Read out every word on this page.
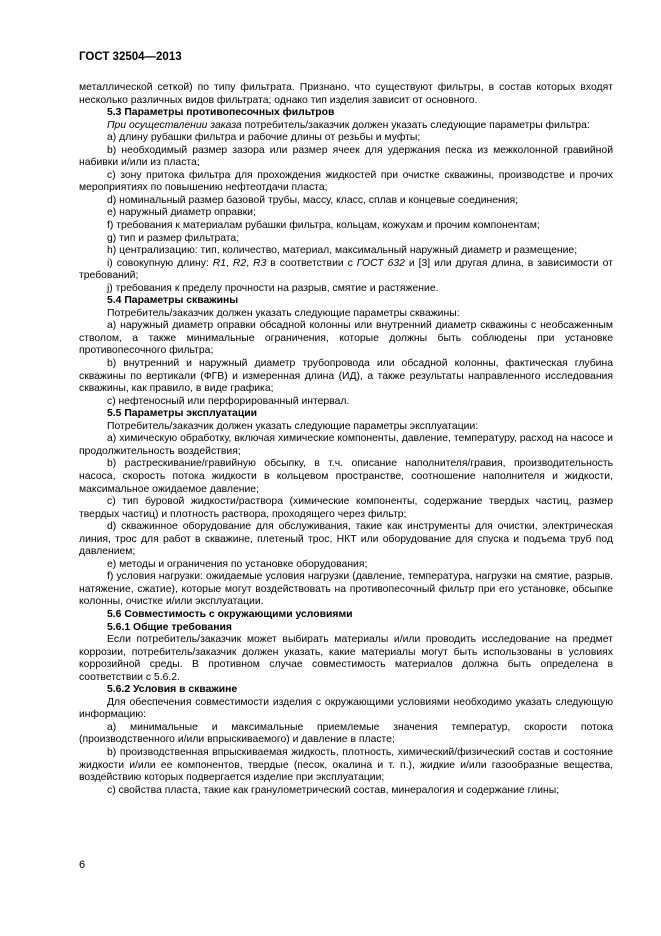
ГОСТ 32504—2013

металлической сеткой) по типу фильтрата. Признано, что существуют фильтры, в состав которых входят несколько различных видов фильтрата; однако тип изделия зависит от основного.

5.3 Параметры противопесочных фильтров

При осуществлении заказа потребитель/заказчик должен указать следующие параметры фильтра:

a) длину рубашки фильтра и рабочие длины от резьбы и муфты;

b) необходимый размер зазора или размер ячеек для удержания песка из межколонной гравийной набивки и/или из пласта;

c) зону притока фильтра для прохождения жидкостей при очистке скважины, производстве и прочих мероприятиях по повышению нефтеотдачи пласта;

d) номинальный размер базовой трубы, массу, класс, сплав и концевые соединения;

e) наружный диаметр оправки;

f) требования к материалам рубашки фильтра, кольцам, кожухам и прочим компонентам;

g) тип и размер фильтрата;

h) централизацию: тип, количество, материал, максимальный наружный диаметр и размещение;

i) совокупную длину: R1, R2, R3 в соответствии с ГОСТ 632 и [3] или другая длина, в зависимости от требований;

j) требования к пределу прочности на разрыв, смятие и растяжение.

5.4 Параметры скважины

Потребитель/заказчик должен указать следующие параметры скважины:

a) наружный диаметр оправки обсадной колонны или внутренний диаметр скважины с необсаженным стволом, а также минимальные ограничения, которые должны быть соблюдены при установке противопесочного фильтра;

b) внутренний и наружный диаметр трубопровода или обсадной колонны, фактическая глубина скважины по вертикали (ФГВ) и измеренная длина (ИД), а также результаты направленного исследования скважины, как правило, в виде графика;

c) нефтеносный или перфорированный интервал.

5.5 Параметры эксплуатации

Потребитель/заказчик должен указать следующие параметры эксплуатации:

a) химическую обработку, включая химические компоненты, давление, температуру, расход на насосе и продолжительность воздействия;

b) растрескивание/гравийную обсыпку, в т.ч. описание наполнителя/гравия, производительность насоса, скорость потока жидкости в кольцевом пространстве, соотношение наполнителя и жидкости, максимальное ожидаемое давление;

c) тип буровой жидкости/раствора (химические компоненты, содержание твердых частиц, размер твердых частиц) и плотность раствора, проходящего через фильтр;

d) скважинное оборудование для обслуживания, такие как инструменты для очистки, электрическая линия, трос для работ в скважине, плетеный трос, НКТ или оборудование для спуска и подъема труб под давлением;

e) методы и ограничения по установке оборудования;

f) условия нагрузки: ожидаемые условия нагрузки (давление, температура, нагрузки на смятие, разрыв, натяжение, сжатие), которые могут воздействовать на противопесочный фильтр при его установке, обсыпке колонны, очистке и/или эксплуатации.

5.6 Совместимость с окружающими условиями

5.6.1 Общие требования

Если потребитель/заказчик может выбирать материалы и/или проводить исследование на предмет коррозии, потребитель/заказчик должен указать, какие материалы могут быть использованы в условиях коррозийной среды. В противном случае совместимость материалов должна быть определена в соответствии с 5.6.2.

5.6.2 Условия в скважине

Для обеспечения совместимости изделия с окружающими условиями необходимо указать следующую информацию:

a) минимальные и максимальные приемлемые значения температур, скорости потока (производственного и/или впрыскиваемого) и давление в пласте;

b) производственная впрыскиваемая жидкость, плотность, химический/физический состав и состояние жидкости и/или ее компонентов, твердые (песок, окалина и т. п.), жидкие и/или газообразные вещества, воздействию которых подвергается изделие при эксплуатации;

c) свойства пласта, такие как гранулометрический состав, минералогия и содержание глины;

6
